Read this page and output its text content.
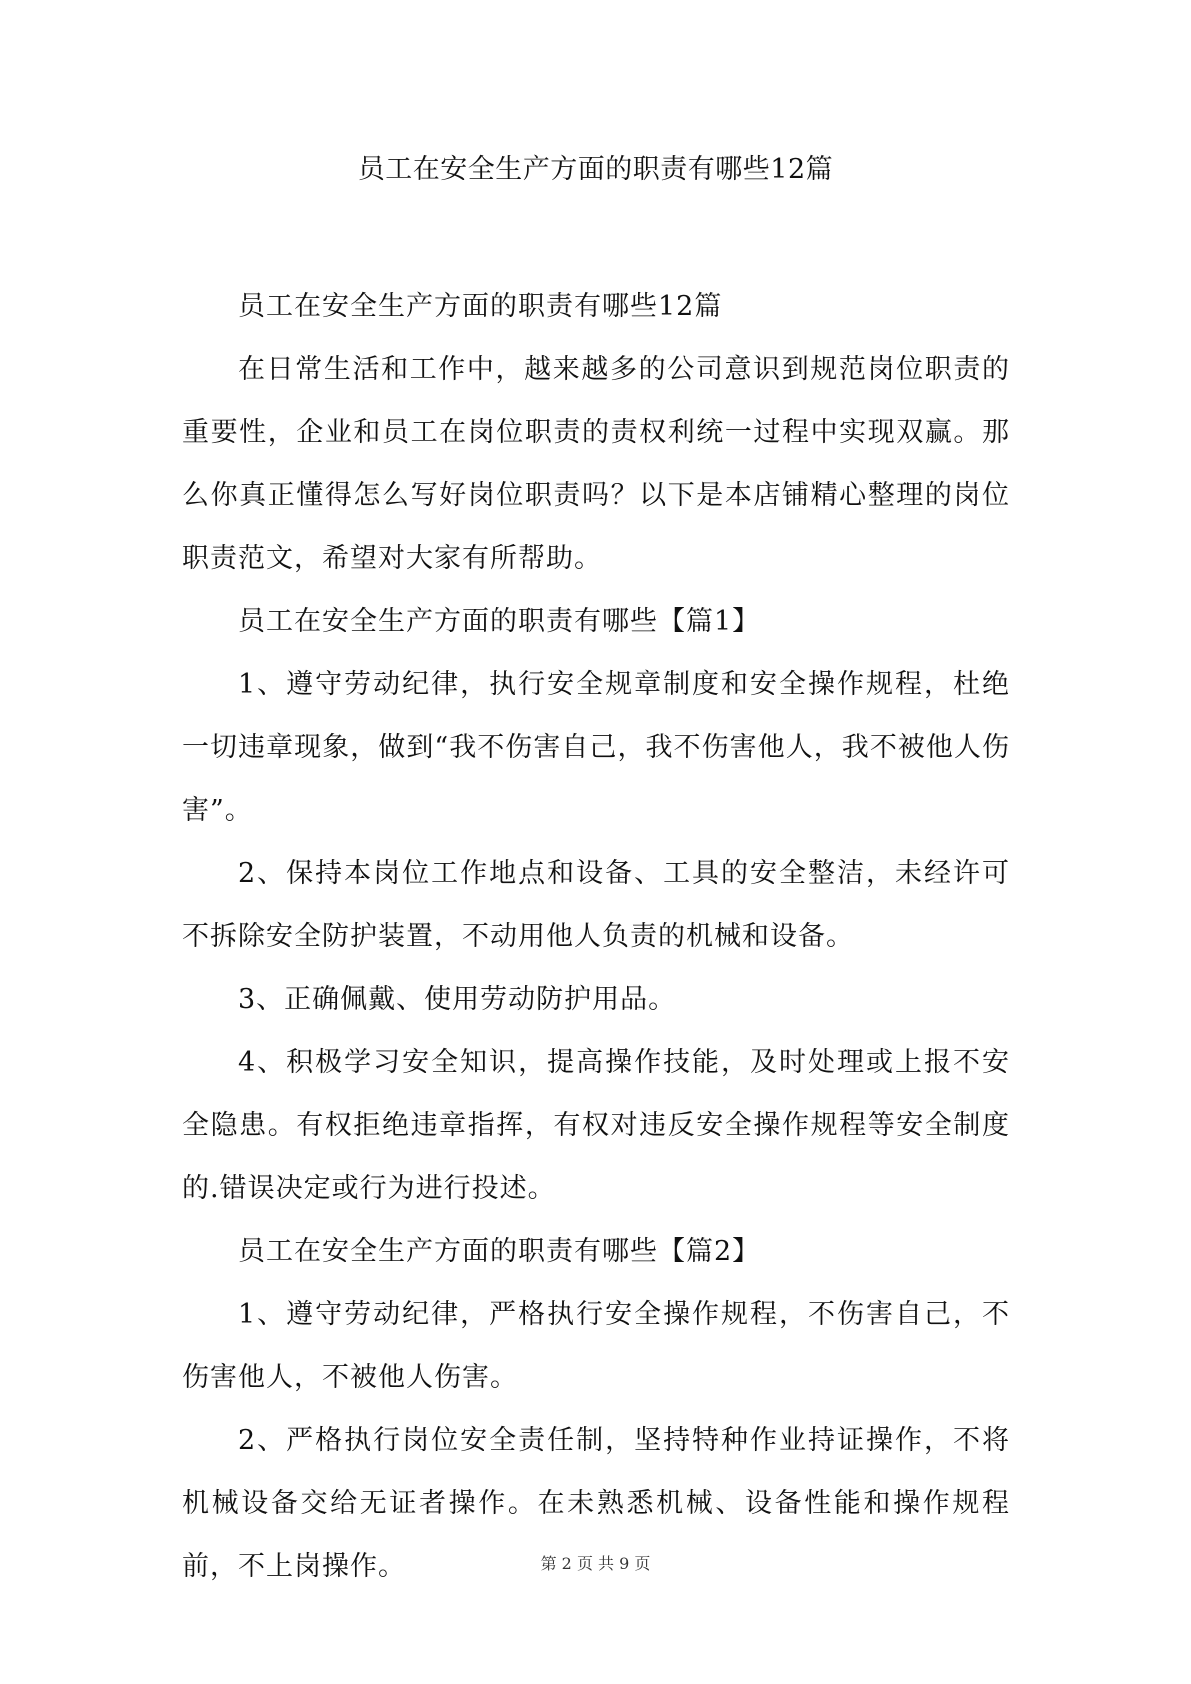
员工在安全生产方面的职责有哪些12篇

员工在安全生产方面的职责有哪些12篇

在日常生活和工作中，越来越多的公司意识到规范岗位职责的重要性，企业和员工在岗位职责的责权利统一过程中实现双赢。那么你真正懂得怎么写好岗位职责吗？以下是本店铺精心整理的岗位职责范文，希望对大家有所帮助。

员工在安全生产方面的职责有哪些【篇1】

1、遵守劳动纪律，执行安全规章制度和安全操作规程，杜绝一切违章现象，做到“我不伤害自己，我不伤害他人，我不被他人伤害”。

2、保持本岗位工作地点和设备、工具的安全整洁，未经许可不拆除安全防护装置，不动用他人负责的机械和设备。

3、正确佩戴、使用劳动防护用品。

4、积极学习安全知识，提高操作技能，及时处理或上报不安全隐患。有权拒绝违章指挥，有权对违反安全操作规程等安全制度的.错误决定或行为进行投述。

员工在安全生产方面的职责有哪些【篇2】

1、遵守劳动纪律，严格执行安全操作规程，不伤害自己，不伤害他人，不被他人伤害。

2、严格执行岗位安全责任制，坚持特种作业持证操作，不将机械设备交给无证者操作。在未熟悉机械、设备性能和操作规程前，不上岗操作。	第 2 页 共 9 页
